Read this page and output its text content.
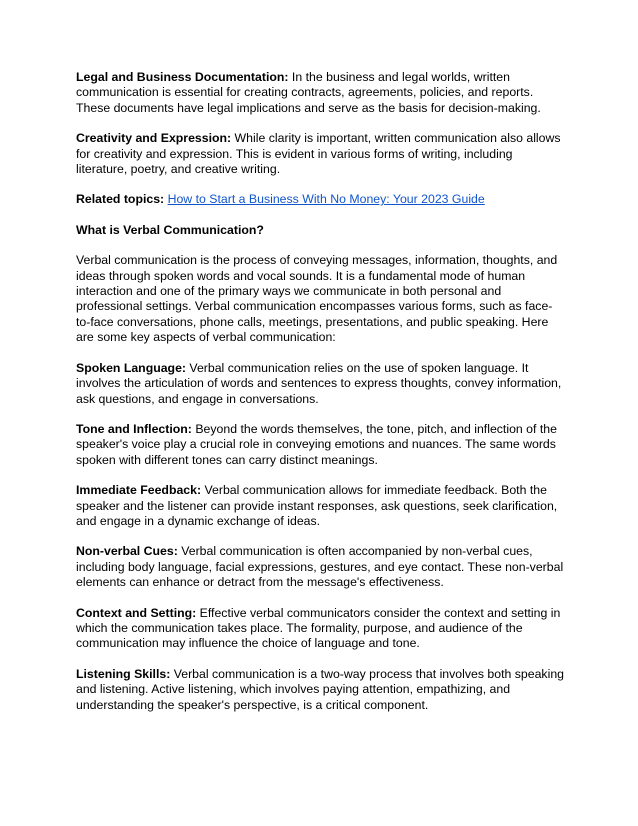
Legal and Business Documentation: In the business and legal worlds, written communication is essential for creating contracts, agreements, policies, and reports. These documents have legal implications and serve as the basis for decision-making.

Creativity and Expression: While clarity is important, written communication also allows for creativity and expression. This is evident in various forms of writing, including literature, poetry, and creative writing.

Related topics: How to Start a Business With No Money: Your 2023 Guide

What is Verbal Communication?

Verbal communication is the process of conveying messages, information, thoughts, and ideas through spoken words and vocal sounds. It is a fundamental mode of human interaction and one of the primary ways we communicate in both personal and professional settings. Verbal communication encompasses various forms, such as face-to-face conversations, phone calls, meetings, presentations, and public speaking. Here are some key aspects of verbal communication:

Spoken Language: Verbal communication relies on the use of spoken language. It involves the articulation of words and sentences to express thoughts, convey information, ask questions, and engage in conversations.

Tone and Inflection: Beyond the words themselves, the tone, pitch, and inflection of the speaker's voice play a crucial role in conveying emotions and nuances. The same words spoken with different tones can carry distinct meanings.

Immediate Feedback: Verbal communication allows for immediate feedback. Both the speaker and the listener can provide instant responses, ask questions, seek clarification, and engage in a dynamic exchange of ideas.

Non-verbal Cues: Verbal communication is often accompanied by non-verbal cues, including body language, facial expressions, gestures, and eye contact. These non-verbal elements can enhance or detract from the message's effectiveness.

Context and Setting: Effective verbal communicators consider the context and setting in which the communication takes place. The formality, purpose, and audience of the communication may influence the choice of language and tone.

Listening Skills: Verbal communication is a two-way process that involves both speaking and listening. Active listening, which involves paying attention, empathizing, and understanding the speaker's perspective, is a critical component.
